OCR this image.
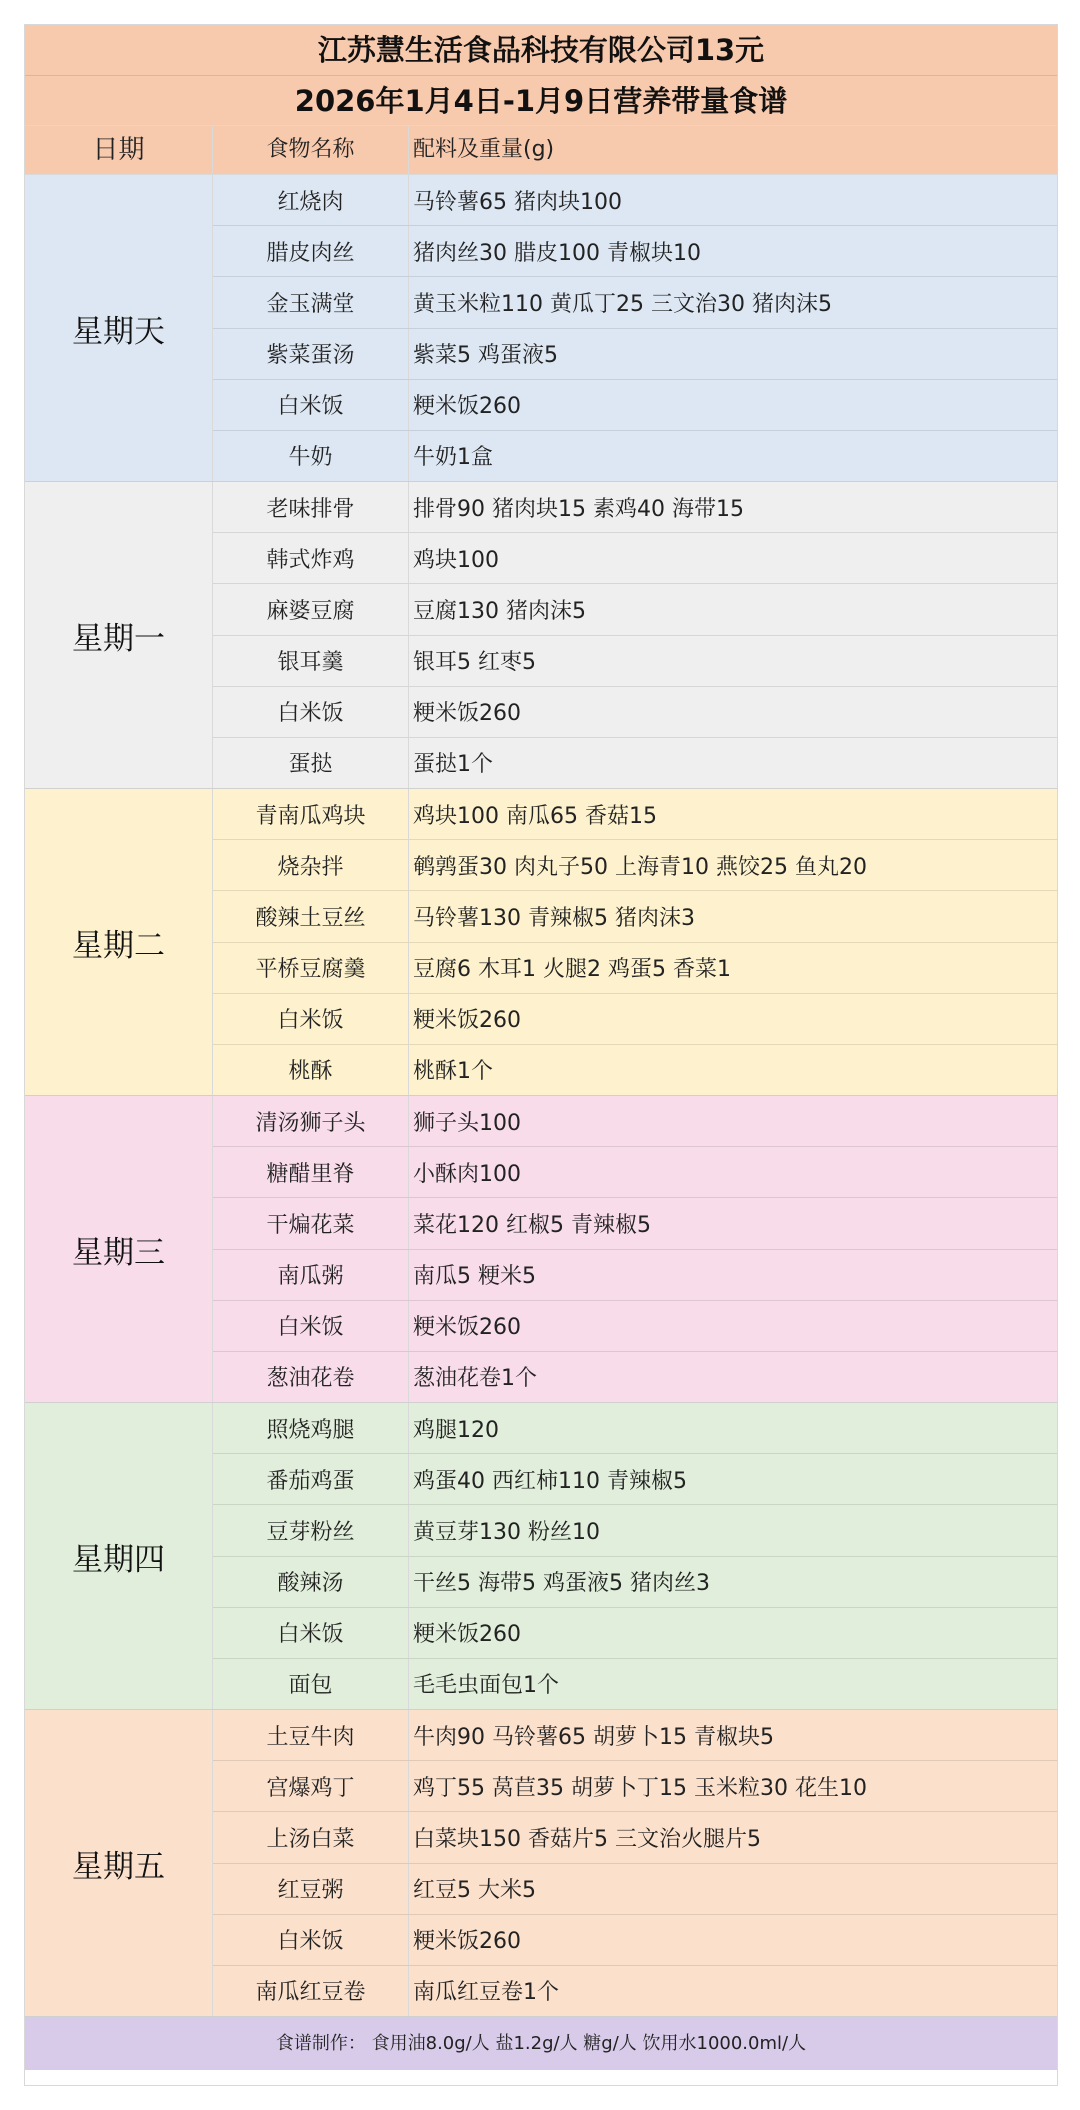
江苏慧生活食品科技有限公司13元
2026年1月4日-1月9日营养带量食谱
日期	食物名称	配料及重量(g)
星期天
红烧肉	马铃薯65 猪肉块100
腊皮肉丝	猪肉丝30 腊皮100 青椒块10
金玉满堂	黄玉米粒110 黄瓜丁25 三文治30 猪肉沫5
紫菜蛋汤	紫菜5 鸡蛋液5
白米饭	粳米饭260
牛奶	牛奶1盒
星期一
老味排骨	排骨90 猪肉块15 素鸡40 海带15
韩式炸鸡	鸡块100
麻婆豆腐	豆腐130 猪肉沫5
银耳羹	银耳5 红枣5
白米饭	粳米饭260
蛋挞	蛋挞1个
星期二
青南瓜鸡块	鸡块100 南瓜65 香菇15
烧杂拌	鹌鹑蛋30 肉丸子50 上海青10 燕饺25 鱼丸20
酸辣土豆丝	马铃薯130 青辣椒5 猪肉沫3
平桥豆腐羹	豆腐6 木耳1 火腿2 鸡蛋5 香菜1
白米饭	粳米饭260
桃酥	桃酥1个
星期三
清汤狮子头	狮子头100
糖醋里脊	小酥肉100
干煸花菜	菜花120 红椒5 青辣椒5
南瓜粥	南瓜5 粳米5
白米饭	粳米饭260
葱油花卷	葱油花卷1个
星期四
照烧鸡腿	鸡腿120
番茄鸡蛋	鸡蛋40 西红柿110 青辣椒5
豆芽粉丝	黄豆芽130 粉丝10
酸辣汤	干丝5 海带5 鸡蛋液5 猪肉丝3
白米饭	粳米饭260
面包	毛毛虫面包1个
星期五
土豆牛肉	牛肉90 马铃薯65 胡萝卜15 青椒块5
宫爆鸡丁	鸡丁55 莴苣35 胡萝卜丁15 玉米粒30 花生10
上汤白菜	白菜块150 香菇片5 三文治火腿片5
红豆粥	红豆5 大米5
白米饭	粳米饭260
南瓜红豆卷	南瓜红豆卷1个
食谱制作： 食用油8.0g/人 盐1.2g/人 糖g/人 饮用水1000.0ml/人
